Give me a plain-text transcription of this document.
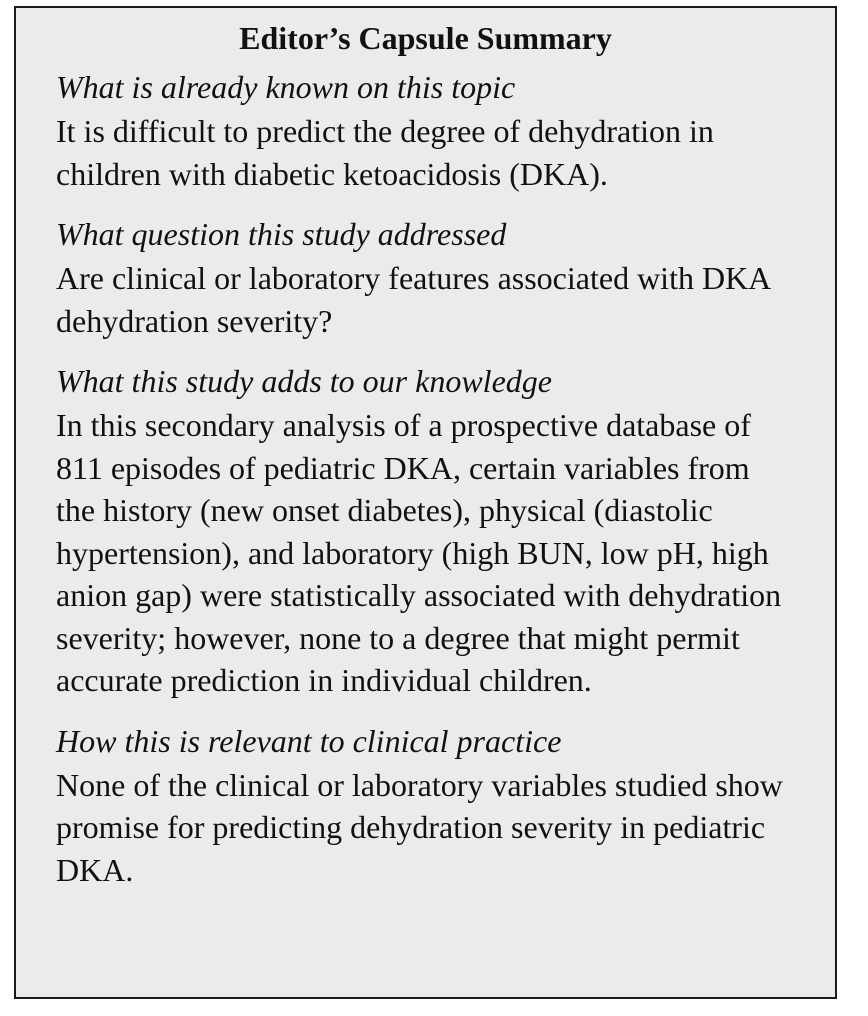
Editor’s Capsule Summary
What is already known on this topic
It is difficult to predict the degree of dehydration in children with diabetic ketoacidosis (DKA).
What question this study addressed
Are clinical or laboratory features associated with DKA dehydration severity?
What this study adds to our knowledge
In this secondary analysis of a prospective database of 811 episodes of pediatric DKA, certain variables from the history (new onset diabetes), physical (diastolic hypertension), and laboratory (high BUN, low pH, high anion gap) were statistically associated with dehydration severity; however, none to a degree that might permit accurate prediction in individual children.
How this is relevant to clinical practice
None of the clinical or laboratory variables studied show promise for predicting dehydration severity in pediatric DKA.
